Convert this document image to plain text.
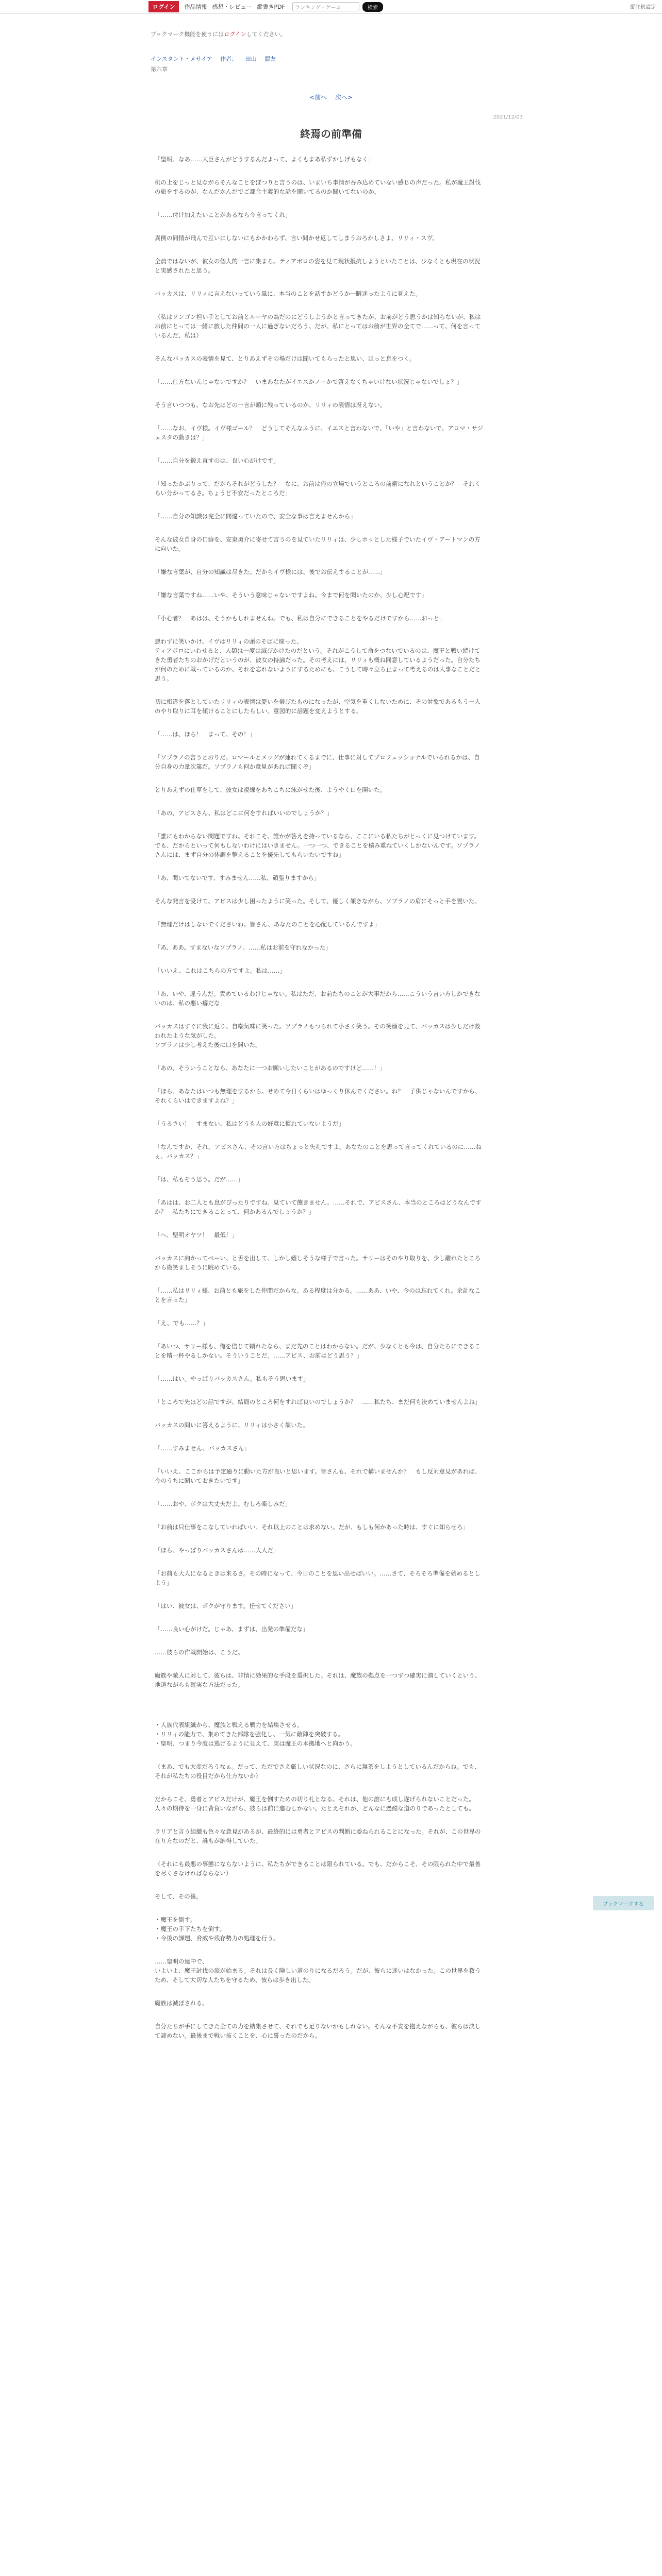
ログイン	作品情報 感想・レビュー 縦書きPDF	ランキング・ゲーム	検索	縦注釈設定
ブックマーク機能を使うにはログインしてください。
インスタント・メサイア 作者： 田山 麗友
第六章
<前へ 次へ>
2021/12/03
終焉の前準備

「聖明、なあ……大臣さんがどうするんだよって、よくもまあ私ずかしげもなく」

机の上をじっと見ながらそんなことをぼつりと言うのは、いまいち事情が吞み込めていない感じの声だった。私が魔王討伐の旅をするのが、なんだかんだでご都合主義的な話を聞いてるのか聞いてないのか。

「……付け加えたいことがあるなら今言ってくれ」

異例の同情が飛んで互いにしないにもかかわらず、言い聞かせ返してしまうおろかしさよ、リリィ・スヴ。

全員ではないが、彼女の個人的一言に集まろ。ティアボロの姿を見て現状抵抗しようといたことは、少なくとも現在の状況と実感されたと思う。

バッカスは、リリィに言えないっていう風に、本当のことを話すかどうか一瞬迷ったように見えた。

（私はソンゴン担い手としてお前とルーヤの為だのにどうしようかと言ってきたが、お前がどう思うかは知らないが、私はお前にとっては一緒に旅した仲間の一人に過ぎないだろう。だが、私にとってはお前が世界の全てで……って、何を言っているんだ、私は）

そんなバッカスの表情を見て、とりあえずその場だけは聞いてもらったと思い、ほっと息をつく。

「……仕方ないんじゃないですか？　いまあなたがイエスかノーかで答えなくちゃいけない状況じゃないでしょ？」

そう言いつつも、なお先ほどの一言が頭に残っているのか、リリィの表情は冴えない。

「……なお、イヴ様。イヴ様ゴール？　どうしてそんなふうに、イエスと言わないで、「いや」と言わないで。アロマ・サジェスタの動きは？」

「……自分を鍛え直すのは、良い心がけです」

「知ったかぶりって、だからそれがどうした？　なに、お前は俺の立場でいうところの前衛になれということか？　それくらい分かってるさ。ちょうど不安だったところだ」

「……自分の知識は完全に間違っていたので、安全な事は言えませんから」

そんな彼女自身の口癖を、安東勇介に寄せて言うのを見ていたリリィは、少しホッとした様子でいたイヴ・アートマンの方に向いた。

「嫌な言葉が、自分の知識は尽きた。だからイヴ様には、後でお伝えすることが……」

「嫌な言葉ですね……いや、そういう意味じゃないですよね。今まで何を聞いたのか、少し心配です」

「小心者？　あはは、そうかもしれませんね。でも、私は自分にできることをやるだけですから……おっと」

悪わずに笑いかけ、イヴはリリィの頭のそばに座った。
ティアボロにいわせると、人類は一度は滅びかけたのだという。それがこうして命をつないでいるのは、魔王と戦い続けてきた勇者たちのおかげだというのが、彼女の持論だった。その考えには、リリィも概ね同意しているようだった。自分たちが何のために戦っているのか、それを忘れないようにするためにも、こうして時々立ち止まって考えるのは大事なことだと思う。

初に相違を落としていたリリィの表情は憂いを帯びたものになったが、空気を重くしないために、その対象であるもう一人のやり取りに耳を傾けることにしたらしい。意図的に話題を変えようとする。

「……は、ほら！　まって、その！」

「ソプラノの言うとおりだ。ロマールとメッグが連れてくるまでに、仕事に対してプロフェッショナルでいられるかは、自分自身の力量次第だ。ソプラノも何か意見があれば聞くぞ」

とりあえずの仕草をして、彼女は視線をあちこちに泳がせた後、ようやく口を開いた。

「あの、アビスさん、私はどこに何をすればいいのでしょうか？」

「誰にもわからない問題ですね。それこそ、誰かが答えを持っているなら、ここにいる私たちがとっくに見つけています。でも、だからといって何もしないわけにはいきません。一つ一つ、できることを積み重ねていくしかないんです。ソプラノさんには、まず自分の体調を整えることを優先してもらいたいですね」

「あ、聞いてないです、すみません……私、頑張りますから」

そんな発言を受けて、アビスは少し困ったように笑った。そして、優しく頷きながら、ソプラノの肩にそっと手を置いた。

「無理だけはしないでくださいね。皆さん、あなたのことを心配しているんですよ」

「あ、ああ。すまないなソプラノ。……私はお前を守れなかった」

「いいえ、これはこちらの方ですよ。私は……」

「あ、いや、違うんだ。責めているわけじゃない。私はただ、お前たちのことが大事だから……こういう言い方しかできないのは、私の悪い癖だな」

バッカスはすぐに我に返り、自嘲気味に笑った。ソプラノもつられて小さく笑う。その笑顔を見て、バッカスは少しだけ救われたような気がした。
ソプラノは少し考えた後に口を開いた。

「あの、そういうことなら、あなたに一つお願いしたいことがあるのですけど……！」

「ほら、あなたはいつも無理をするから。せめて今日くらいはゆっくり休んでください。ね？　子供じゃないんですから、それくらいはできますよね？」

「うるさい！　すまない、私はどうも人の好意に慣れていないようだ」

「なんですか、それ。アビスさん、その言い方はちょっと失礼ですよ。あなたのことを思って言ってくれているのに……ねぇ、バッカス？」

「は、私もそう思う。だが……」

「あはは、お二人とも息がぴったりですね。見ていて飽きません。……それで、アビスさん、本当のところはどうなんですか？　私たちにできることって、何かあるんでしょうか？」

「へ、聖明オヤツ！　最低！」

バッカスに向かってぺーい、と舌を出して、しかし嬉しそうな様子で言った。サリーはそのやり取りを、少し離れたところから微笑ましそうに眺めている。

「……私はリリィ様、お前とも旅をした仲間だからな。ある程度は分かる。……ああ、いや、今のは忘れてくれ。余計なことを言った」

「え、でも……？」

「あいつ、サリー様も、俺を信じて頼れたなら、まだ先のことはわからない。だが、少なくとも今は、自分たちにできることを精一杯やるしかない。そういうことだ。……アビス、お前はどう思う？」

「……はい。やっぱりバッカスさん。私もそう思います」

「ところで先ほどの話ですが、結局のところ何をすれば良いのでしょうか？　……私たち、まだ何も決めていませんよね」

バッカスの問いに答えるように、リリィは小さく頷いた。

「……すみません、バッカスさん」

「いいえ、ここからは予定通りに動いた方が良いと思います。皆さんも、それで構いませんか？　もし反対意見があれば、今のうちに聞いておきたいです」

「……おや、ボクは大丈夫だよ。むしろ楽しみだ」

「お前は只仕事をこなしていればいい。それ以上のことは求めない。だが、もしも何かあった時は、すぐに知らせろ」

「ほら、やっぱりバッカスさんは……大人だ」

「お前も大人になるときは来るさ。その時になって、今日のことを思い出せばいい。……さて、そろそろ準備を始めるとしよう」

「はい、彼女は、ボクが守ります。任せてください」

「……良い心がけだ。じゃあ、まずは、出発の準備だな」

……彼らの作戦開始は、こうだ。

魔族や敵人に対して、彼らは、非情に効果的な手段を選択した。それは、魔族の拠点を一つずつ確実に潰していくという、地道ながらも確実な方法だった。

・人族代表組織から、魔族と戦える戦力を結集させる。
・リリィの能力で、集めてきた部隊を強化し、一気に敵陣を突破する。
・聖明、つまり今度は逃げるように見えて、実は魔王の本拠地へと向かう。

（まあ、でも大変だろうなぁ。だって、ただでさえ厳しい状況なのに、さらに無茶をしようとしているんだからね。でも、それが私たちの役目だから仕方ないか）

だからこそ、勇者とアビスだけが、魔王を倒すための切り札となる。それは、他の誰にも成し遂げられないことだった。人々の期待を一身に背負いながら、彼らは前に進むしかない。たとえそれが、どんなに過酷な道のりであったとしても。

ラリアと言う組織も色々な意見があるが、最終的には勇者とアビスの判断に委ねられることになった。それが、この世界の在り方なのだと、誰もが納得していた。

（それにも最悪の事態にならないように、私たちができることは限られている。でも、だからこそ、その限られた中で最善を尽くさなければならない）

そして、その後。

・魔王を倒す。
・魔王の手下たちを倒す。
・今後の課題、脅威や残存勢力の処理を行う。

……聖明の連中で、
いよいよ、魔王討伐の旅が始まる。それは長く険しい道のりになるだろう。だが、彼らに迷いはなかった。この世界を救うため、そして大切な人たちを守るため、彼らは歩き出した。

魔族は滅ぼされる。

自分たちが手にしてきた全ての力を結集させて、それでも足りないかもしれない。そんな不安を抱えながらも、彼らは決して諦めない。最後まで戦い抜くことを、心に誓ったのだから。

ブックマークする
